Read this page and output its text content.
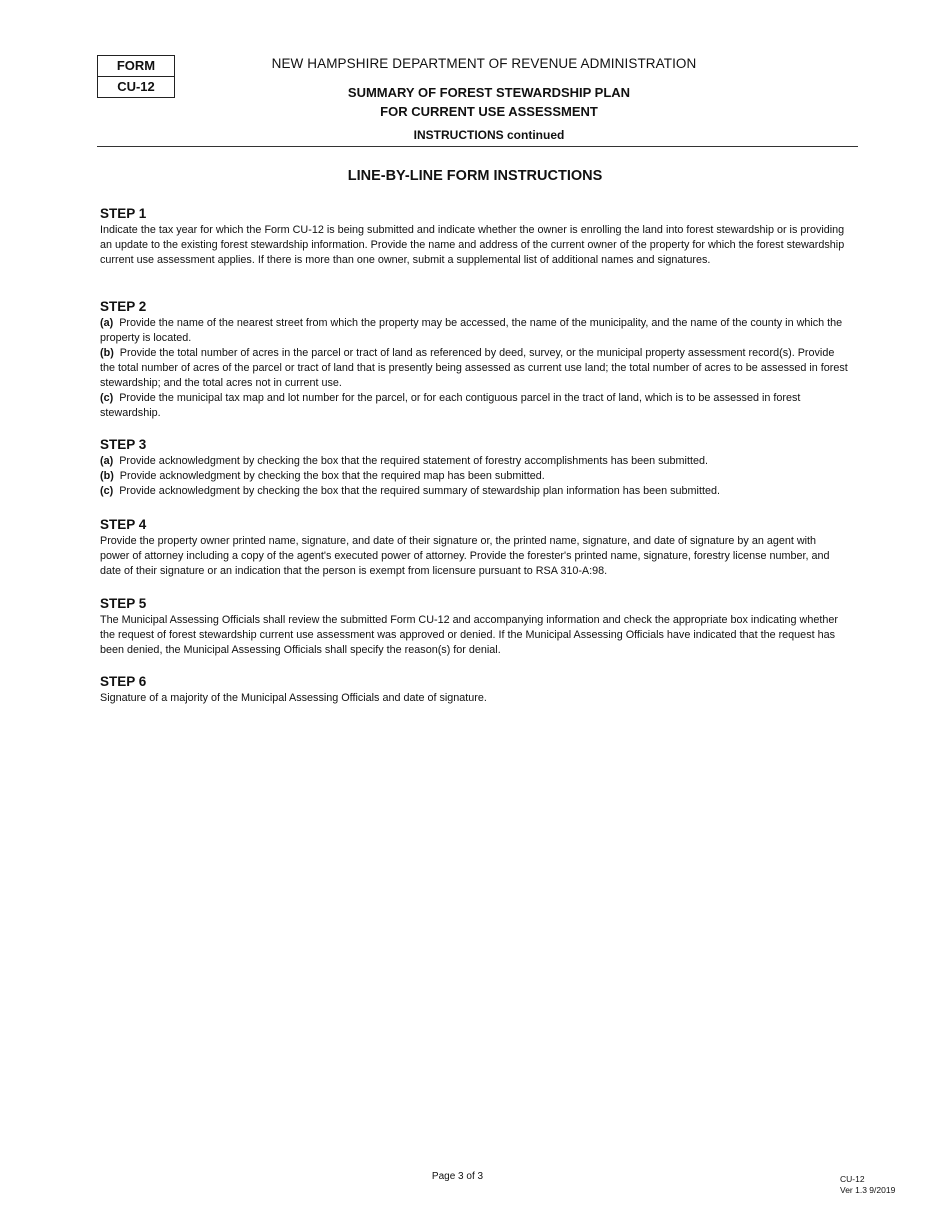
FORM
CU-12
NEW HAMPSHIRE DEPARTMENT OF REVENUE ADMINISTRATION
SUMMARY OF FOREST STEWARDSHIP PLAN
FOR CURRENT USE ASSESSMENT
INSTRUCTIONS continued
LINE-BY-LINE FORM INSTRUCTIONS

STEP 1

Indicate the tax year for which the Form CU-12 is being submitted and indicate whether the owner is enrolling the land into forest stewardship or is providing an update to the existing forest stewardship information. Provide the name and address of the current owner of the property for which the forest stewardship current use assessment applies. If there is more than one owner, submit a supplemental list of additional names and signatures.

STEP 2

(a) Provide the name of the nearest street from which the property may be accessed, the name of the municipality, and the name of the county in which the property is located.

(b) Provide the total number of acres in the parcel or tract of land as referenced by deed, survey, or the municipal property assessment record(s). Provide the total number of acres of the parcel or tract of land that is presently being assessed as current use land; the total number of acres to be assessed in forest stewardship; and the total acres not in current use.

(c) Provide the municipal tax map and lot number for the parcel, or for each contiguous parcel in the tract of land, which is to be assessed in forest stewardship.

STEP 3

(a) Provide acknowledgment by checking the box that the required statement of forestry accomplishments has been submitted.

(b) Provide acknowledgment by checking the box that the required map has been submitted.

(c) Provide acknowledgment by checking the box that the required summary of stewardship plan information has been submitted.

STEP 4

Provide the property owner printed name, signature, and date of their signature or, the printed name, signature, and date of signature by an agent with power of attorney including a copy of the agent's executed power of attorney. Provide the forester's printed name, signature, forestry license number, and date of their signature or an indication that the person is exempt from licensure pursuant to RSA 310-A:98.

STEP 5

The Municipal Assessing Officials shall review the submitted Form CU-12 and accompanying information and check the appropriate box indicating whether the request of forest stewardship current use assessment was approved or denied. If the Municipal Assessing Officials have indicated that the request has been denied, the Municipal Assessing Officials shall specify the reason(s) for denial.

STEP 6

Signature of a majority of the Municipal Assessing Officials and date of signature.

Page 3 of 3	CU-12
Ver 1.3 9/2019
